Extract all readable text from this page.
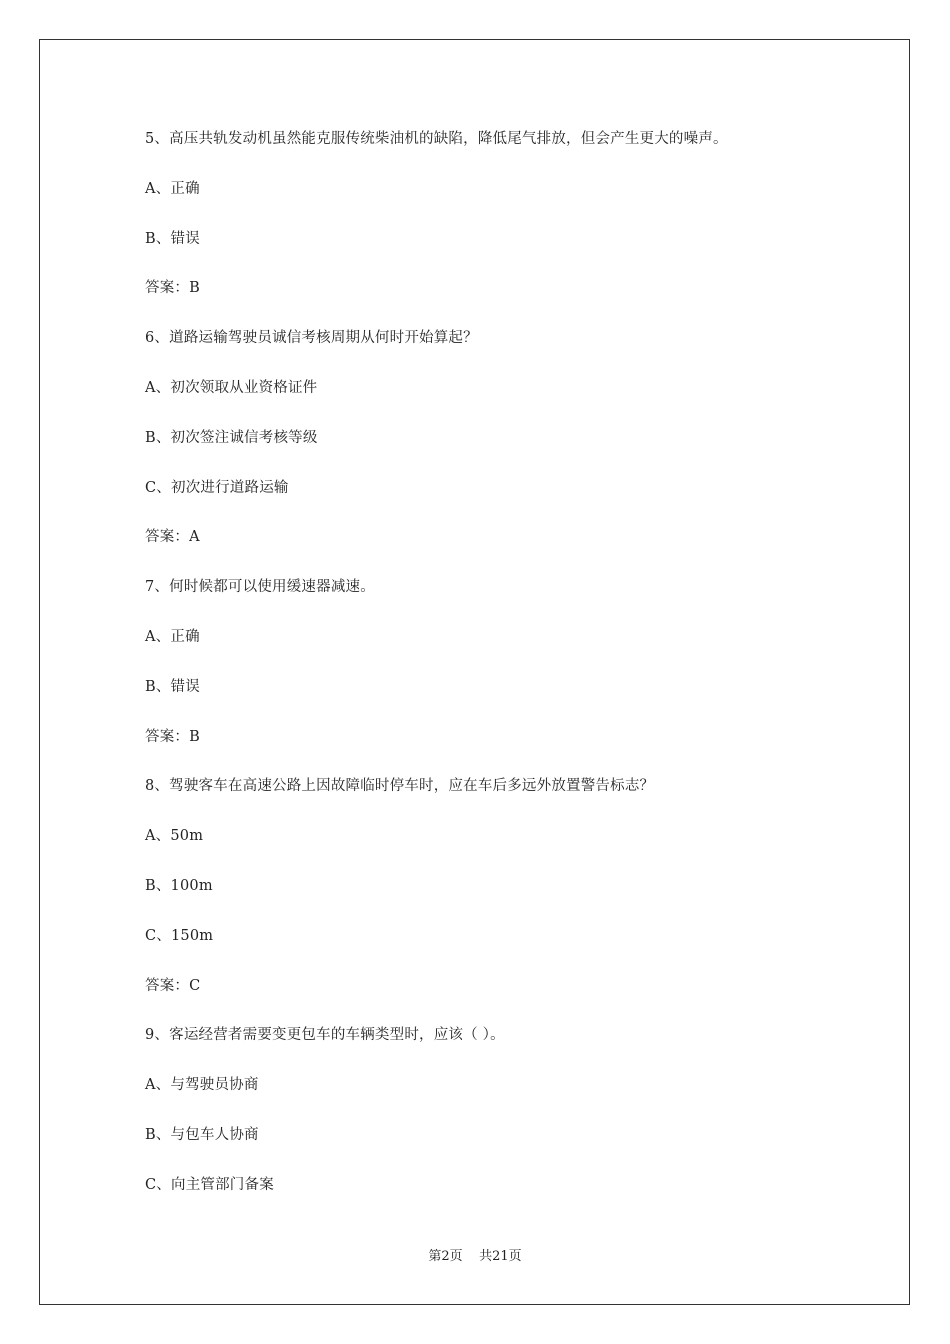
5、高压共轨发动机虽然能克服传统柴油机的缺陷，降低尾气排放，但会产生更大的噪声。
A、正确
B、错误
答案：B
6、道路运输驾驶员诚信考核周期从何时开始算起？
A、初次领取从业资格证件
B、初次签注诚信考核等级
C、初次进行道路运输
答案：A
7、何时候都可以使用缓速器减速。
A、正确
B、错误
答案：B
8、驾驶客车在高速公路上因故障临时停车时，应在车后多远外放置警告标志？
A、50m
B、100m
C、150m
答案：C
9、客运经营者需要变更包车的车辆类型时，应该（ ）。
A、与驾驶员协商
B、与包车人协商
C、向主管部门备案
第2页    共21页
